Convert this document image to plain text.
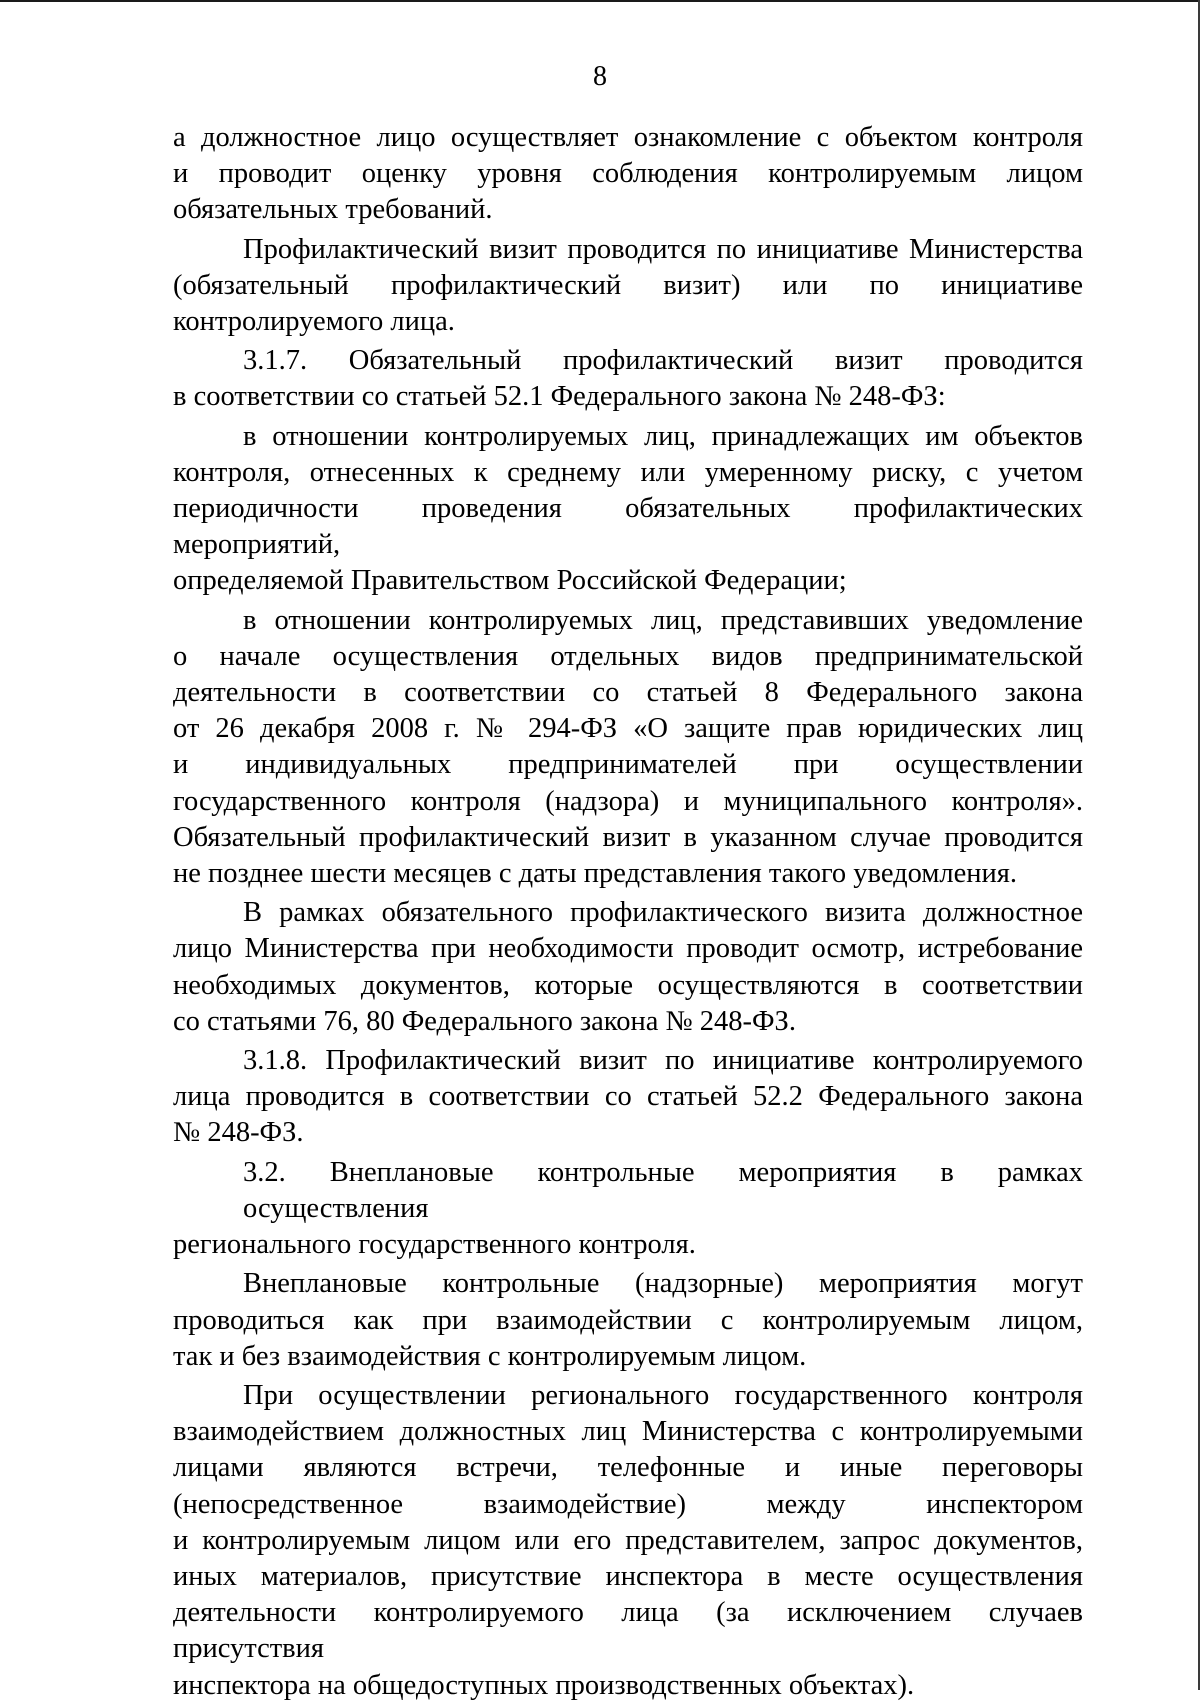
8
а должностное лицо осуществляет ознакомление с объектом контроля
и проводит оценку уровня соблюдения контролируемым лицом
обязательных требований.
Профилактический визит проводится по инициативе Министерства
(обязательный профилактический визит) или по инициативе
контролируемого лица.
3.1.7. Обязательный профилактический визит проводится
в соответствии со статьей 52.1 Федерального закона № 248-ФЗ:
в отношении контролируемых лиц, принадлежащих им объектов
контроля, отнесенных к среднему или умеренному риску, с учетом
периодичности проведения обязательных профилактических мероприятий,
определяемой Правительством Российской Федерации;
в отношении контролируемых лиц, представивших уведомление
о начале осуществления отдельных видов предпринимательской
деятельности в соответствии со статьей 8 Федерального закона
от 26 декабря 2008 г. № 294-ФЗ «О защите прав юридических лиц
и индивидуальных предпринимателей при осуществлении
государственного контроля (надзора) и муниципального контроля».
Обязательный профилактический визит в указанном случае проводится
не позднее шести месяцев с даты представления такого уведомления.
В рамках обязательного профилактического визита должностное
лицо Министерства при необходимости проводит осмотр, истребование
необходимых документов, которые осуществляются в соответствии
со статьями 76, 80 Федерального закона № 248-ФЗ.
3.1.8. Профилактический визит по инициативе контролируемого
лица проводится в соответствии со статьей 52.2 Федерального закона
№ 248-ФЗ.
3.2. Внеплановые контрольные мероприятия в рамках осуществления
регионального государственного контроля.
Внеплановые контрольные (надзорные) мероприятия могут
проводиться как при взаимодействии с контролируемым лицом,
так и без взаимодействия с контролируемым лицом.
При осуществлении регионального государственного контроля
взаимодействием должностных лиц Министерства с контролируемыми
лицами являются встречи, телефонные и иные переговоры
(непосредственное взаимодействие) между инспектором
и контролируемым лицом или его представителем, запрос документов,
иных материалов, присутствие инспектора в месте осуществления
деятельности контролируемого лица (за исключением случаев присутствия
инспектора на общедоступных производственных объектах).
